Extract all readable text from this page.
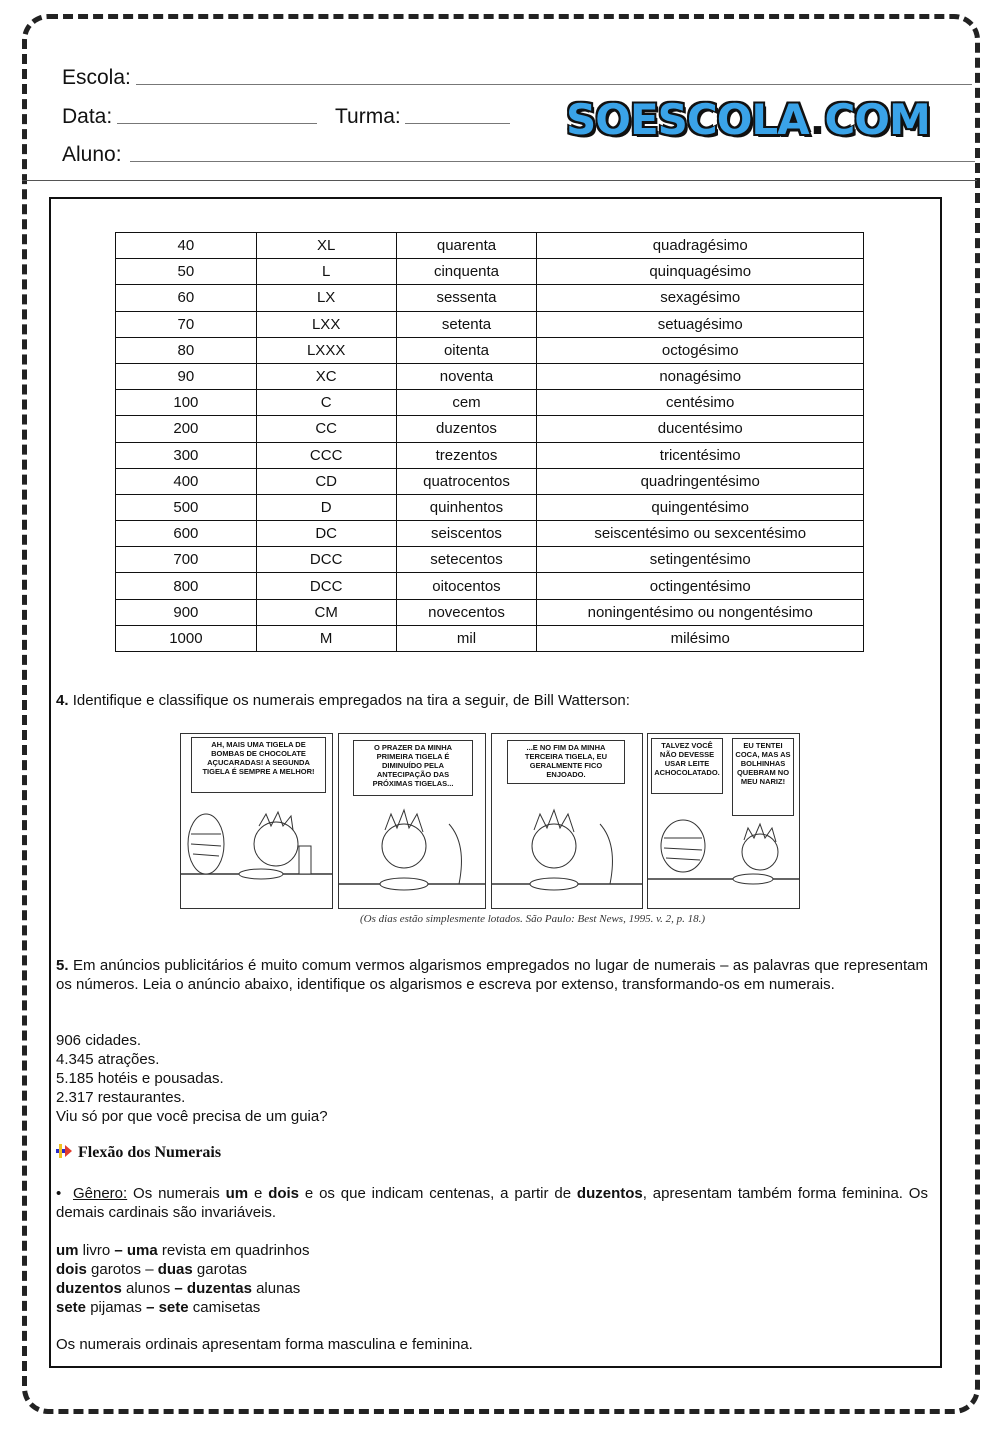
Escola:
Data:	Turma:
Aluno:
SOESCOLA.COM
40	XL	quarenta	quadragésimo
50	L	cinquenta	quinquagésimo
60	LX	sessenta	sexagésimo
70	LXX	setenta	setuagésimo
80	LXXX	oitenta	octogésimo
90	XC	noventa	nonagésimo
100	C	cem	centésimo
200	CC	duzentos	ducentésimo
300	CCC	trezentos	tricentésimo
400	CD	quatrocentos	quadringentésimo
500	D	quinhentos	quingentésimo
600	DC	seiscentos	seiscentésimo ou sexcentésimo
700	DCC	setecentos	setingentésimo
800	DCC	oitocentos	octingentésimo
900	CM	novecentos	noningentésimo ou nongentésimo
1000	M	mil	milésimo
4. Identifique e classifique os numerais empregados na tira a seguir, de Bill Watterson:
AH, MAIS UMA TIGELA DE BOMBAS DE CHOCOLATE AÇUCARADAS! A SEGUNDA TIGELA É SEMPRE A MELHOR!
O PRAZER DA MINHA PRIMEIRA TIGELA É DIMINUÍDO PELA ANTECIPAÇÃO DAS PRÓXIMAS TIGELAS...
...E NO FIM DA MINHA TERCEIRA TIGELA, EU GERALMENTE FICO ENJOADO.
TALVEZ VOCÊ NÃO DEVESSE USAR LEITE ACHOCOLATADO.
EU TENTEI COCA, MAS AS BOLHINHAS QUEBRAM NO MEU NARIZ!
(Os dias estão simplesmente lotados. São Paulo: Best News, 1995. v. 2, p. 18.)
5. Em anúncios publicitários é muito comum vermos algarismos empregados no lugar de numerais – as palavras que representam os números. Leia o anúncio abaixo, identifique os algarismos e escreva por extenso, transformando-os em numerais.
906 cidades.
4.345 atrações.
5.185 hotéis e pousadas.
2.317 restaurantes.
Viu só por que você precisa de um guia?
Flexão dos Numerais
• Gênero: Os numerais um e dois e os que indicam centenas, a partir de duzentos, apresentam também forma feminina. Os demais cardinais são invariáveis.
um livro – uma revista em quadrinhos
dois garotos – duas garotas
duzentos alunos – duzentas alunas
sete pijamas – sete camisetas
Os numerais ordinais apresentam forma masculina e feminina.
